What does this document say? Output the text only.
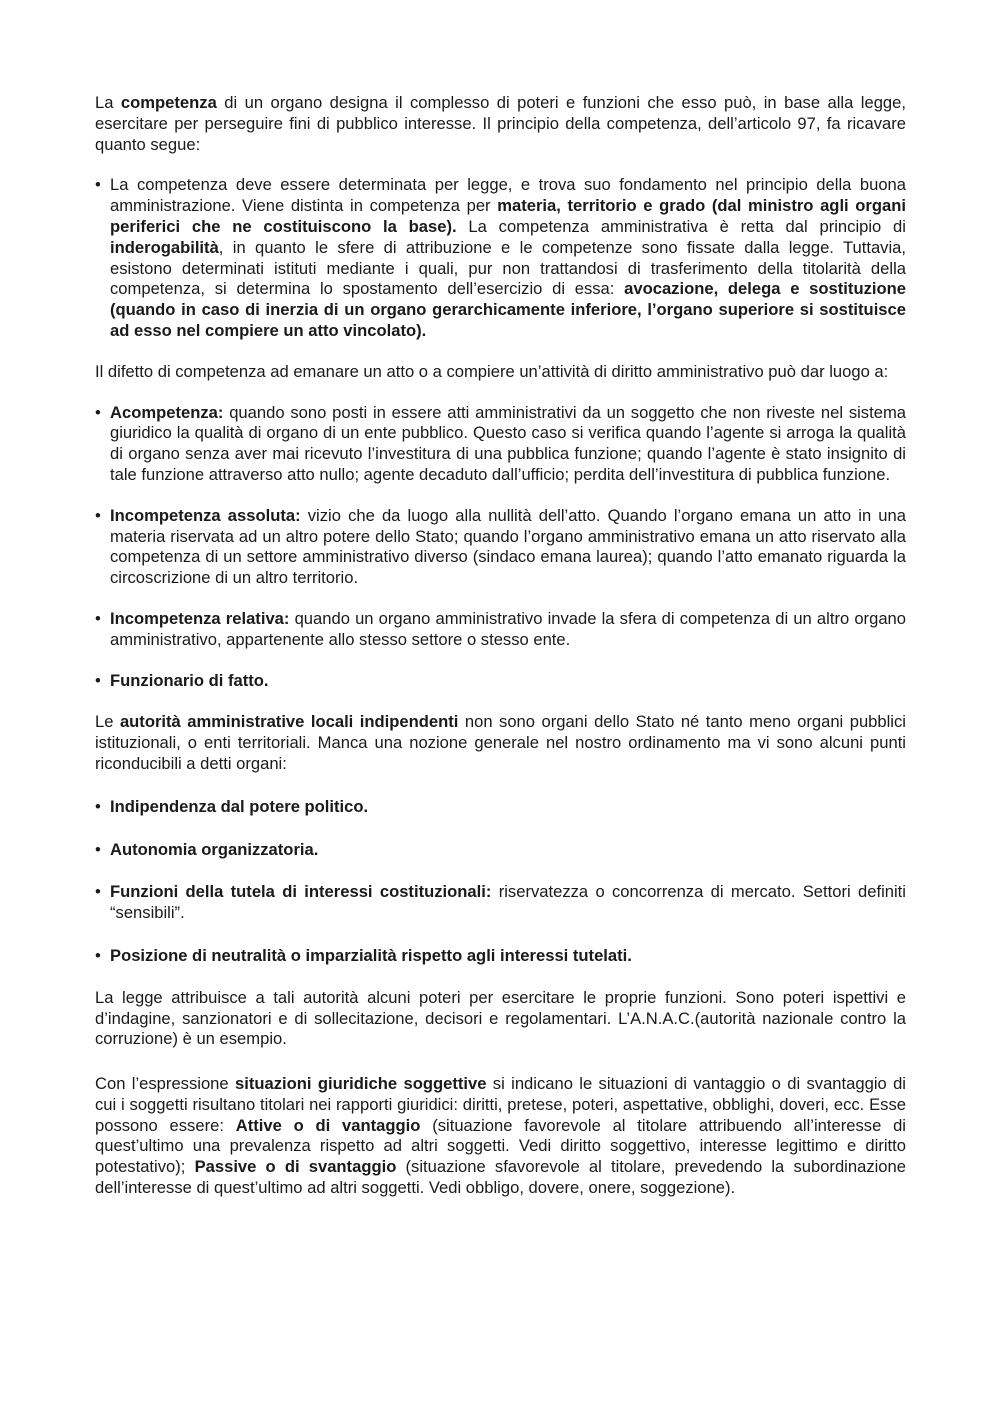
La competenza di un organo designa il complesso di poteri e funzioni che esso può, in base alla legge, esercitare per perseguire fini di pubblico interesse. Il principio della competenza, dell’articolo 97, fa ricavare quanto segue:

• La competenza deve essere determinata per legge, e trova suo fondamento nel principio della buona amministrazione. Viene distinta in competenza per materia, territorio e grado (dal ministro agli organi periferici che ne costituiscono la base). La competenza amministrativa è retta dal principio di inderogabilità, in quanto le sfere di attribuzione e le competenze sono fissate dalla legge. Tuttavia, esistono determinati istituti mediante i quali, pur non trattandosi di trasferimento della titolarità della competenza, si determina lo spostamento dell’esercizio di essa: avocazione, delega e sostituzione (quando in caso di inerzia di un organo gerarchicamente inferiore, l’organo superiore si sostituisce ad esso nel compiere un atto vincolato).

Il difetto di competenza ad emanare un atto o a compiere un’attività di diritto amministrativo può dar luogo a:

• Acompetenza: quando sono posti in essere atti amministrativi da un soggetto che non riveste nel sistema giuridico la qualità di organo di un ente pubblico. Questo caso si verifica quando l’agente si arroga la qualità di organo senza aver mai ricevuto l’investitura di una pubblica funzione; quando l’agente è stato insignito di tale funzione attraverso atto nullo; agente decaduto dall’ufficio; perdita dell’investitura di pubblica funzione.
• Incompetenza assoluta: vizio che da luogo alla nullità dell’atto. Quando l’organo emana un atto in una materia riservata ad un altro potere dello Stato; quando l’organo amministrativo emana un atto riservato alla competenza di un settore amministrativo diverso (sindaco emana laurea); quando l’atto emanato riguarda la circoscrizione di un altro territorio.
• Incompetenza relativa: quando un organo amministrativo invade la sfera di competenza di un altro organo amministrativo, appartenente allo stesso settore o stesso ente.
• Funzionario di fatto.

Le autorità amministrative locali indipendenti non sono organi dello Stato né tanto meno organi pubblici istituzionali, o enti territoriali. Manca una nozione generale nel nostro ordinamento ma vi sono alcuni punti riconducibili a detti organi:

• Indipendenza dal potere politico.
• Autonomia organizzatoria.
• Funzioni della tutela di interessi costituzionali: riservatezza o concorrenza di mercato. Settori definiti “sensibili”.
• Posizione di neutralità o imparzialità rispetto agli interessi tutelati.

La legge attribuisce a tali autorità alcuni poteri per esercitare le proprie funzioni. Sono poteri ispettivi e d’indagine, sanzionatori e di sollecitazione, decisori e regolamentari. L’A.N.A.C.(autorità nazionale contro la corruzione) è un esempio.

Con l’espressione situazioni giuridiche soggettive si indicano le situazioni di vantaggio o di svantaggio di cui i soggetti risultano titolari nei rapporti giuridici: diritti, pretese, poteri, aspettative, obblighi, doveri, ecc. Esse possono essere: Attive o di vantaggio (situazione favorevole al titolare attribuendo all’interesse di quest’ultimo una prevalenza rispetto ad altri soggetti. Vedi diritto soggettivo, interesse legittimo e diritto potestativo); Passive o di svantaggio (situazione sfavorevole al titolare, prevedendo la subordinazione dell’interesse di quest’ultimo ad altri soggetti. Vedi obbligo, dovere, onere, soggezione).
